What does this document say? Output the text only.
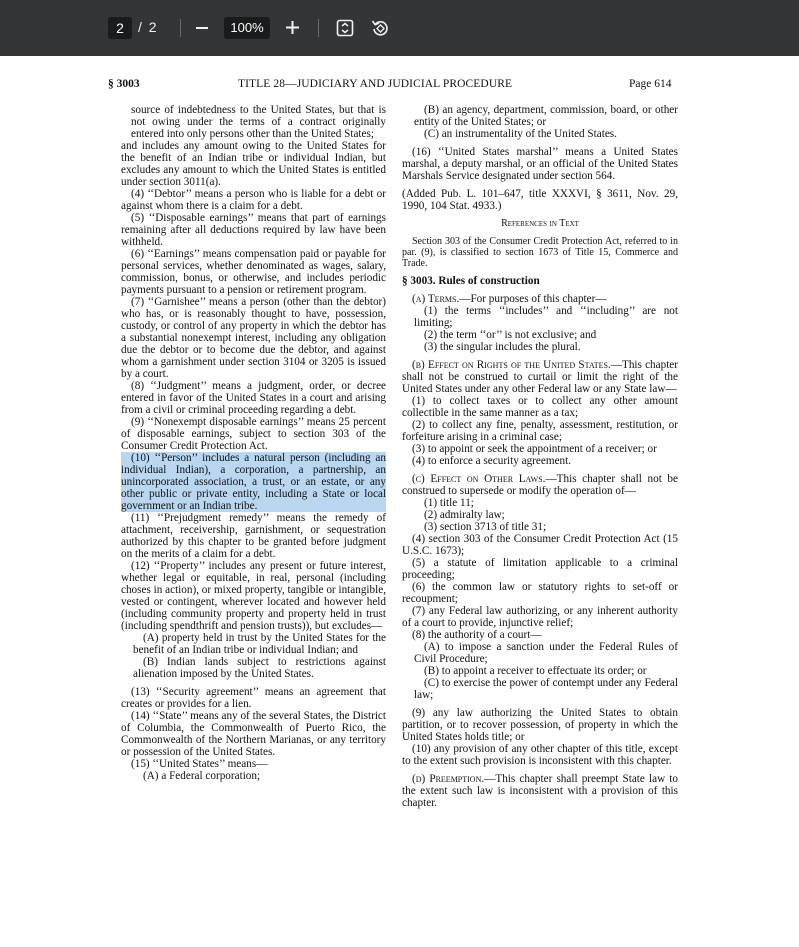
2	/ 2	100%
§ 3003	TITLE 28—JUDICIARY AND JUDICIAL PROCEDURE	Page 614

source of indebtedness to the United States, but that is not owing under the terms of a contract originally entered into only persons other than the United States;

and includes any amount owing to the United States for the benefit of an Indian tribe or individual Indian, but excludes any amount to which the United States is entitled under section 3011(a).

(4) ‘‘Debtor’’ means a person who is liable for a debt or against whom there is a claim for a debt.

(5) ‘‘Disposable earnings’’ means that part of earnings remaining after all deductions required by law have been withheld.

(6) ‘‘Earnings’’ means compensation paid or payable for personal services, whether denominated as wages, salary, commission, bonus, or otherwise, and includes periodic payments pursuant to a pension or retirement program.

(7) ‘‘Garnishee’’ means a person (other than the debtor) who has, or is reasonably thought to have, possession, custody, or control of any property in which the debtor has a substantial nonexempt interest, including any obligation due the debtor or to become due the debtor, and against whom a garnishment under section 3104 or 3205 is issued by a court.

(8) ‘‘Judgment’’ means a judgment, order, or decree entered in favor of the United States in a court and arising from a civil or criminal proceeding regarding a debt.

(9) ‘‘Nonexempt disposable earnings’’ means 25 percent of disposable earnings, subject to section 303 of the Consumer Credit Protection Act.

(10) ‘‘Person’’ includes a natural person (including an individual Indian), a corporation, a partnership, an unincorporated association, a trust, or an estate, or any other public or private entity, including a State or local government or an Indian tribe.

(11) ‘‘Prejudgment remedy’’ means the remedy of attachment, receivership, garnishment, or sequestration authorized by this chapter to be granted before judgment on the merits of a claim for a debt.

(12) ‘‘Property’’ includes any present or future interest, whether legal or equitable, in real, personal (including choses in action), or mixed property, tangible or intangible, vested or contingent, wherever located and however held (including community property and property held in trust (including spendthrift and pension trusts)), but excludes—

(A) property held in trust by the United States for the benefit of an Indian tribe or individual Indian; and

(B) Indian lands subject to restrictions against alienation imposed by the United States.

(13) ‘‘Security agreement’’ means an agreement that creates or provides for a lien.

(14) ‘‘State’’ means any of the several States, the District of Columbia, the Commonwealth of Puerto Rico, the Commonwealth of the Northern Marianas, or any territory or possession of the United States.

(15) ‘‘United States’’ means—

(A) a Federal corporation;

(B) an agency, department, commission, board, or other entity of the United States; or

(C) an instrumentality of the United States.

(16) ‘‘United States marshal’’ means a United States marshal, a deputy marshal, or an official of the United States Marshals Service designated under section 564.

(Added Pub. L. 101–647, title XXXVI, § 3611, Nov. 29, 1990, 104 Stat. 4933.)

References in Text

Section 303 of the Consumer Credit Protection Act, referred to in par. (9), is classified to section 1673 of Title 15, Commerce and Trade.

§ 3003. Rules of construction

(a) Terms.—For purposes of this chapter—

(1) the terms ‘‘includes’’ and ‘‘including’’ are not limiting;

(2) the term ‘‘or’’ is not exclusive; and

(3) the singular includes the plural.

(b) Effect on Rights of the United States.—This chapter shall not be construed to curtail or limit the right of the United States under any other Federal law or any State law—

(1) to collect taxes or to collect any other amount collectible in the same manner as a tax;

(2) to collect any fine, penalty, assessment, restitution, or forfeiture arising in a criminal case;

(3) to appoint or seek the appointment of a receiver; or

(4) to enforce a security agreement.

(c) Effect on Other Laws.—This chapter shall not be construed to supersede or modify the operation of—

(1) title 11;

(2) admiralty law;

(3) section 3713 of title 31;

(4) section 303 of the Consumer Credit Protection Act (15 U.S.C. 1673);

(5) a statute of limitation applicable to a criminal proceeding;

(6) the common law or statutory rights to set-off or recoupment;

(7) any Federal law authorizing, or any inherent authority of a court to provide, injunctive relief;

(8) the authority of a court—

(A) to impose a sanction under the Federal Rules of Civil Procedure;

(B) to appoint a receiver to effectuate its order; or

(C) to exercise the power of contempt under any Federal law;

(9) any law authorizing the United States to obtain partition, or to recover possession, of property in which the United States holds title; or

(10) any provision of any other chapter of this title, except to the extent such provision is inconsistent with this chapter.

(d) Preemption.—This chapter shall preempt State law to the extent such law is inconsistent with a provision of this chapter.
